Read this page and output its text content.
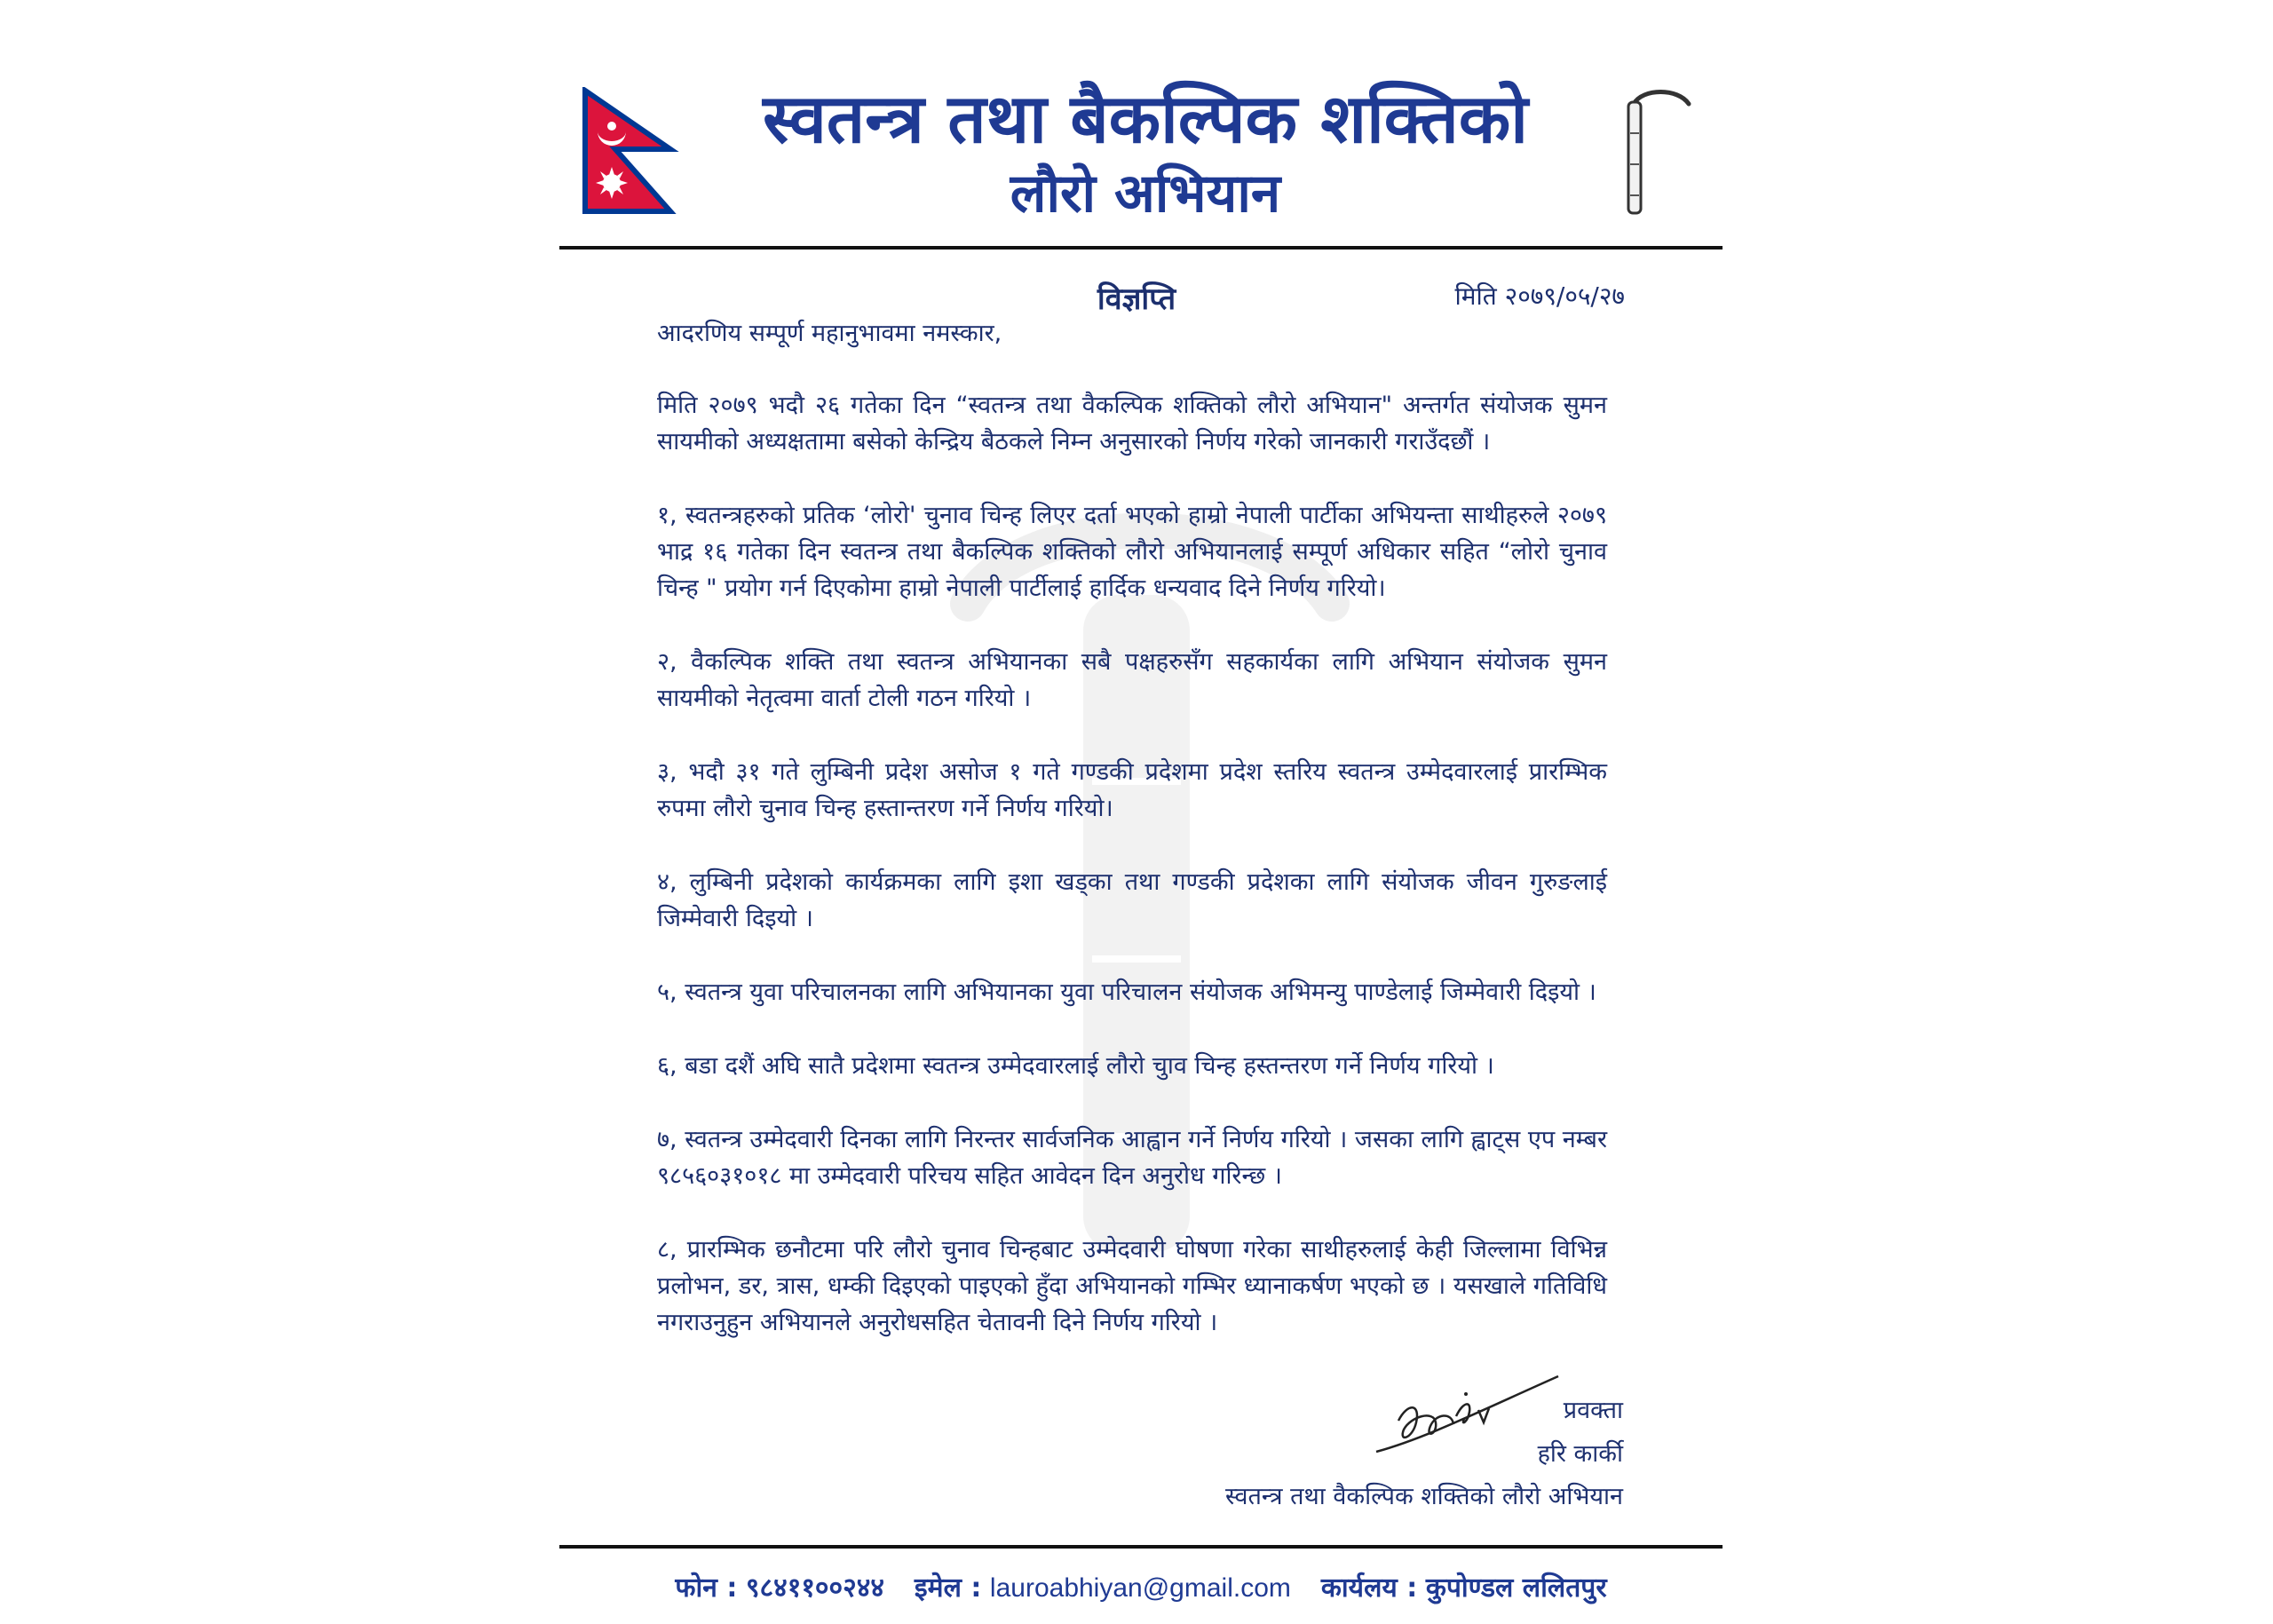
स्वतन्त्र तथा बैकल्पिक शक्तिको
लौरो अभियान
विज्ञप्ति	मिति २०७९/०५/२७

आदरणिय सम्पूर्ण महानुभावमा नमस्कार,

मिति २०७९ भदौ २६ गतेका दिन “स्वतन्त्र तथा वैकल्पिक शक्तिको लौरो अभियान" अन्तर्गत संयोजक सुमन सायमीको अध्यक्षतामा बसेको केन्द्रिय बैठकले निम्न अनुसारको निर्णय गरेको जानकारी गराउँदछौं ।

१, स्वतन्त्रहरुको प्रतिक ‘लोरो' चुनाव चिन्ह लिएर दर्ता भएको हाम्रो नेपाली पार्टीका अभियन्ता साथीहरुले २०७९ भाद्र १६ गतेका दिन स्वतन्त्र तथा बैकल्पिक शक्तिको लौरो अभियानलाई सम्पूर्ण अधिकार सहित “लोरो चुनाव चिन्ह " प्रयोग गर्न दिएकोमा हाम्रो नेपाली पार्टीलाई हार्दिक धन्यवाद दिने निर्णय गरियो।

२, वैकल्पिक शक्ति तथा स्वतन्त्र अभियानका सबै पक्षहरुसँग सहकार्यका लागि अभियान संयोजक सुमन सायमीको नेतृत्वमा वार्ता टोली गठन गरियो ।

३, भदौ ३१ गते लुम्बिनी प्रदेश असोज १ गते गण्डकी प्रदेशमा प्रदेश स्तरिय स्वतन्त्र उम्मेदवारलाई प्रारम्भिक रुपमा लौरो चुनाव चिन्ह हस्तान्तरण गर्ने निर्णय गरियो।

४, लुम्बिनी प्रदेशको कार्यक्रमका लागि इशा खड्का तथा गण्डकी प्रदेशका लागि संयोजक जीवन गुरुङलाई जिम्मेवारी दिइयो ।

५, स्वतन्त्र युवा परिचालनका लागि अभियानका युवा परिचालन संयोजक अभिमन्यु पाण्डेलाई जिम्मेवारी दिइयो ।

६, बडा दशैं अघि सातै प्रदेशमा स्वतन्त्र उम्मेदवारलाई लौरो चुाव चिन्ह हस्तन्तरण गर्ने निर्णय गरियो ।

७, स्वतन्त्र उम्मेदवारी दिनका लागि निरन्तर सार्वजनिक आह्वान गर्ने निर्णय गरियो । जसका लागि ह्वाट्स एप नम्बर ९८५६०३१०१८ मा उम्मेदवारी परिचय सहित आवेदन दिन अनुरोध गरिन्छ ।

८, प्रारम्भिक छनौटमा परि लौरो चुनाव चिन्हबाट उम्मेदवारी घोषणा गरेका साथीहरुलाई केही जिल्लामा विभिन्न प्रलोभन, डर, त्रास, धम्की दिइएको पाइएको हुँदा अभियानको गम्भिर ध्यानाकर्षण भएको छ । यसखाले गतिविधि नगराउनुहुन अभियानले अनुरोधसहित चेतावनी दिने निर्णय गरियो ।

प्रवक्ता
हरि कार्की
स्वतन्त्र तथा वैकल्पिक शक्तिको लौरो अभियान
फोन : ९८४११००२४४ इमेल : lauroabhiyan@gmail.com कार्यलय : कुपोण्डल ललितपुर
